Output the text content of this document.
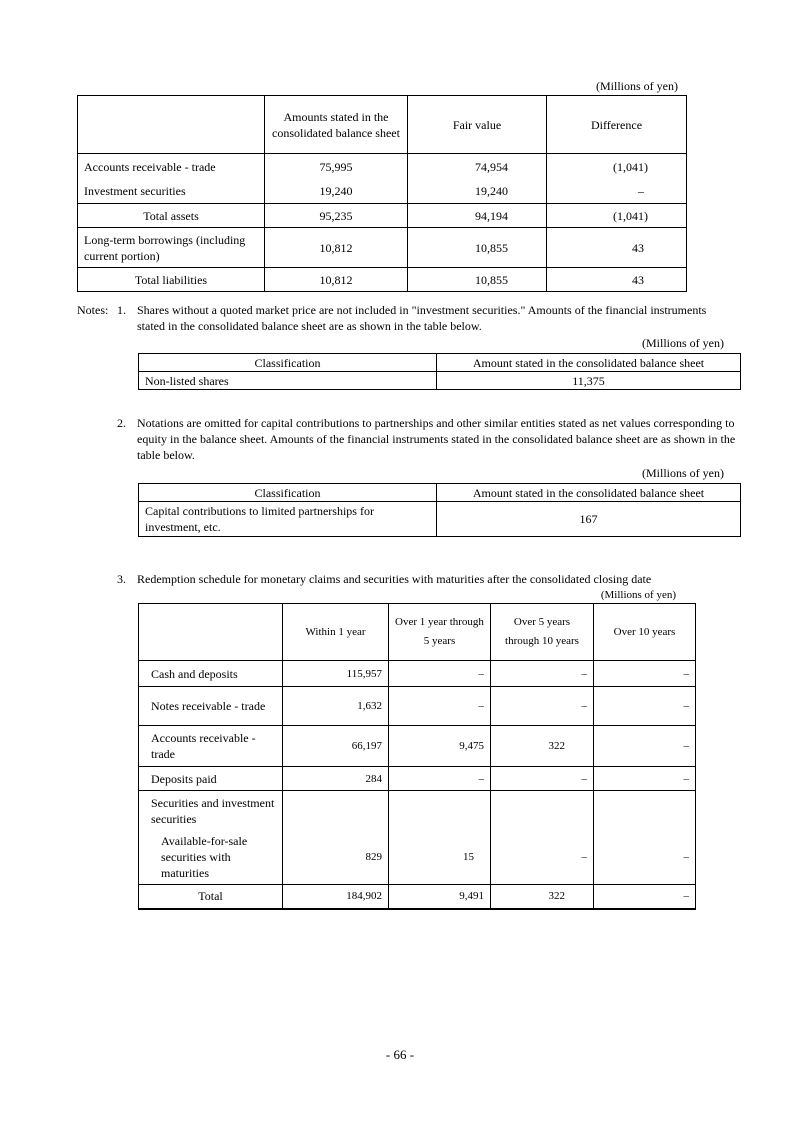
(Millions of yen)
	Amounts stated in the consolidated balance sheet	Fair value	Difference
Accounts receivable - trade	75,995	74,954	(1,041)
Investment securities	19,240	19,240	–
Total assets	95,235	94,194	(1,041)
Long-term borrowings (including current portion)	10,812	10,855	43
Total liabilities	10,812	10,855	43
Notes: 1. Shares without a quoted market price are not included in "investment securities." Amounts of the financial instruments stated in the consolidated balance sheet are as shown in the table below.
(Millions of yen)
Classification	Amount stated in the consolidated balance sheet
Non-listed shares	11,375
2. Notations are omitted for capital contributions to partnerships and other similar entities stated as net values corresponding to equity in the balance sheet. Amounts of the financial instruments stated in the consolidated balance sheet are as shown in the table below.
(Millions of yen)
Classification	Amount stated in the consolidated balance sheet
Capital contributions to limited partnerships for investment, etc.	167
3. Redemption schedule for monetary claims and securities with maturities after the consolidated closing date
(Millions of yen)
	Within 1 year	Over 1 year through 5 years	Over 5 years through 10 years	Over 10 years
Cash and deposits	115,957	–	–	–
Notes receivable - trade	1,632	–	–	–
Accounts receivable - trade	66,197	9,475	322	–
Deposits paid	284	–	–	–
Securities and investment securities				
Available-for-sale securities with maturities	829	15	–	–
Total	184,902	9,491	322	–
- 66 -
